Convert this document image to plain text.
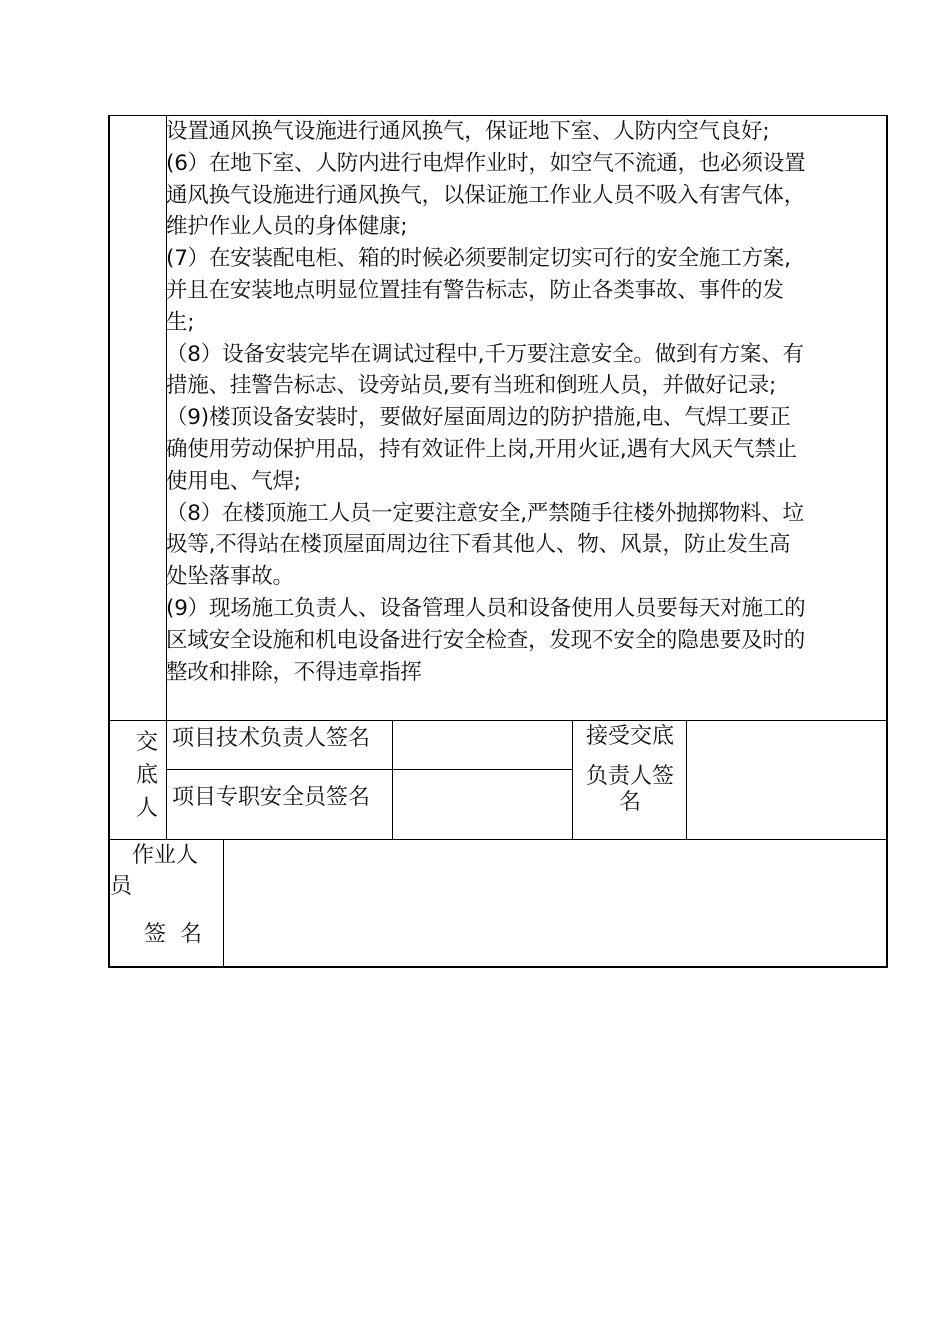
设置通风换气设施进行通风换气，保证地下室、人防内空气良好;

(6）在地下室、人防内进行电焊作业时，如空气不流通，也必须设置

通风换气设施进行通风换气，以保证施工作业人员不吸入有害气体，

维护作业人员的身体健康;

(7）在安装配电柜、箱的时候必须要制定切实可行的安全施工方案,

并且在安装地点明显位置挂有警告标志，防止各类事故、事件的发

生;

（8）设备安装完毕在调试过程中,千万要注意安全。做到有方案、有

措施、挂警告标志、设旁站员,要有当班和倒班人员，并做好记录;

（9)楼顶设备安装时，要做好屋面周边的防护措施,电、气焊工要正

确使用劳动保护用品，持有效证件上岗,开用火证,遇有大风天气禁止

使用电、气焊;

（8）在楼顶施工人员一定要注意安全,严禁随手往楼外抛掷物料、垃

圾等,不得站在楼顶屋面周边往下看其他人、物、风景，防止发生高

处坠落事故。

(9）现场施工负责人、设备管理人员和设备使用人员要每天对施工的

区域安全设施和机电设备进行安全检查，发现不安全的隐患要及时的

整改和排除，不得违章指挥

交
底
人
项目技术负责人签名
项目专职安全员签名
接受交底
负责人签
名
作业人
员
签  名
